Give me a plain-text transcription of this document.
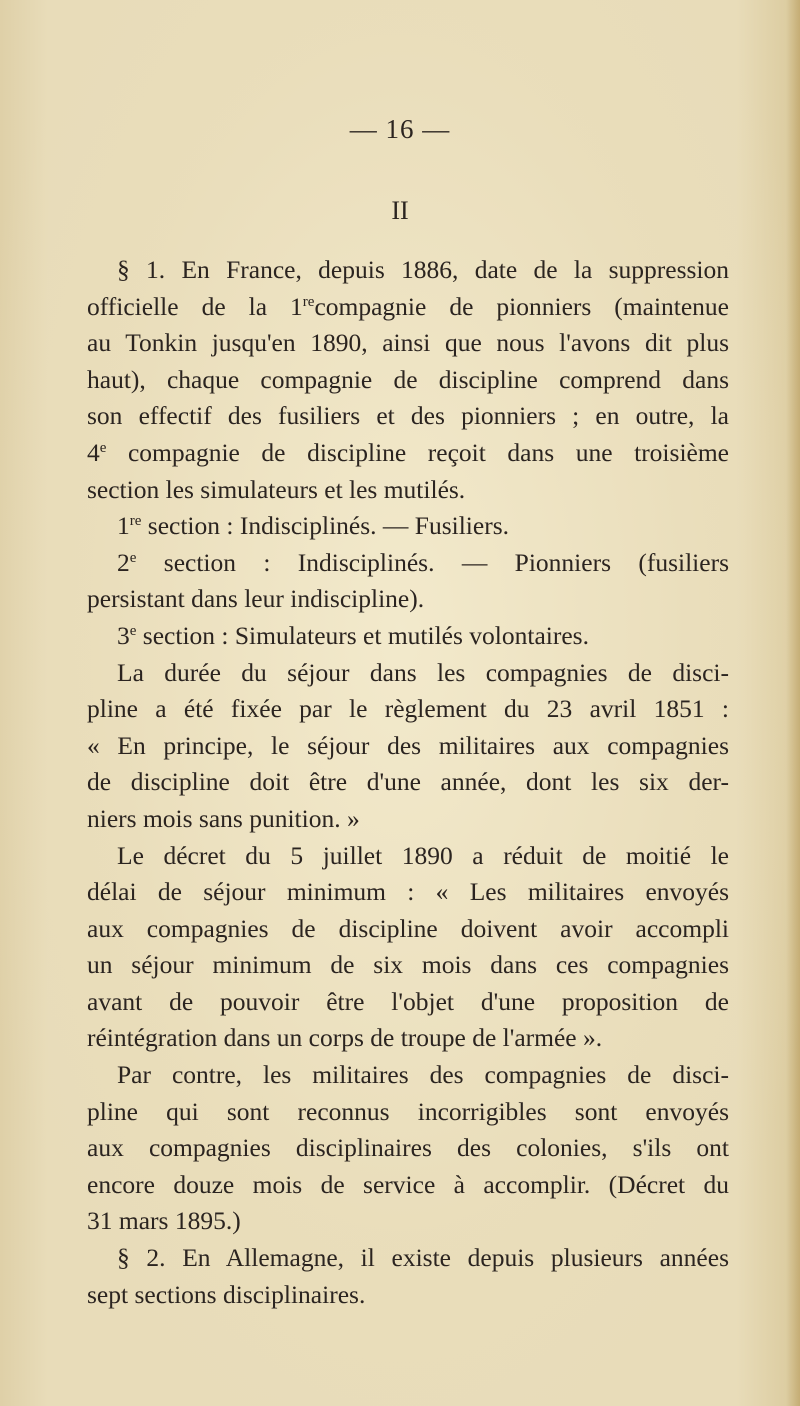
— 16 —
II
§ 1. En France, depuis 1886, date de la suppression
officielle de la 1recompagnie de pionniers (maintenue
au Tonkin jusqu'en 1890, ainsi que nous l'avons dit plus
haut), chaque compagnie de discipline comprend dans
son effectif des fusiliers et des pionniers ; en outre, la
4e compagnie de discipline reçoit dans une troisième
section les simulateurs et les mutilés.
1re section : Indisciplinés. — Fusiliers.
2e section : Indisciplinés. — Pionniers (fusiliers
persistant dans leur indiscipline).
3e section : Simulateurs et mutilés volontaires.
La durée du séjour dans les compagnies de disci-
pline a été fixée par le règlement du 23 avril 1851 :
« En principe, le séjour des militaires aux compagnies
de discipline doit être d'une année, dont les six der-
niers mois sans punition. »
Le décret du 5 juillet 1890 a réduit de moitié le
délai de séjour minimum : « Les militaires envoyés
aux compagnies de discipline doivent avoir accompli
un séjour minimum de six mois dans ces compagnies
avant de pouvoir être l'objet d'une proposition de
réintégration dans un corps de troupe de l'armée ».
Par contre, les militaires des compagnies de disci-
pline qui sont reconnus incorrigibles sont envoyés
aux compagnies disciplinaires des colonies, s'ils ont
encore douze mois de service à accomplir. (Décret du
31 mars 1895.)
§ 2. En Allemagne, il existe depuis plusieurs années
sept sections disciplinaires.
